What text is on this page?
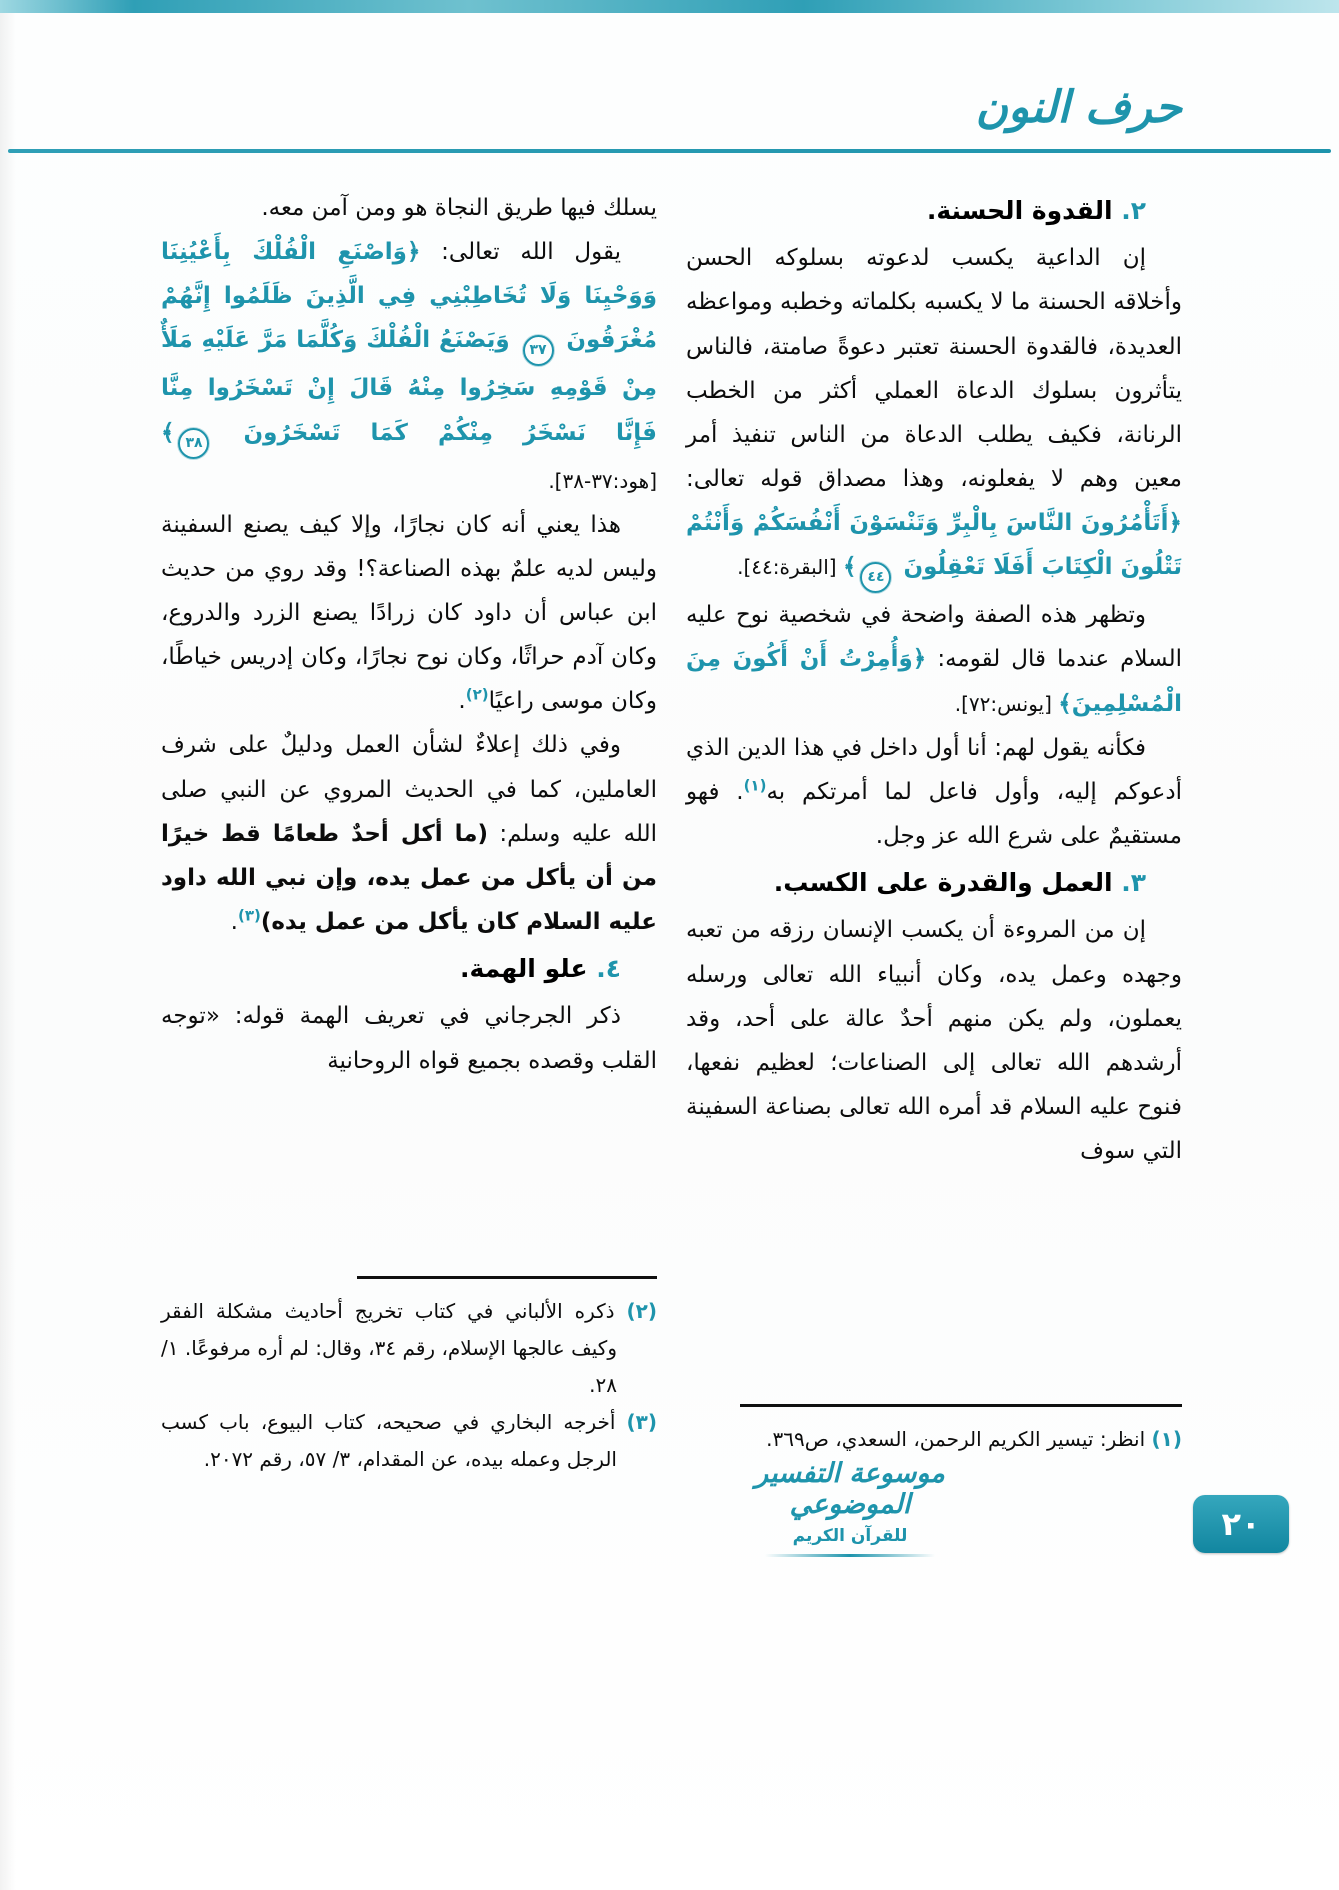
حرف النون

٢. القدوة الحسنة.

إن الداعية يكسب لدعوته بسلوكه الحسن وأخلاقه الحسنة ما لا يكسبه بكلماته وخطبه ومواعظه العديدة، فالقدوة الحسنة تعتبر دعوةً صامتة، فالناس يتأثرون بسلوك الدعاة العملي أكثر من الخطب الرنانة، فكيف يطلب الدعاة من الناس تنفيذ أمر معين وهم لا يفعلونه، وهذا مصداق قوله تعالى: ﴿أَتَأْمُرُونَ النَّاسَ بِالْبِرِّ وَتَنْسَوْنَ أَنْفُسَكُمْ وَأَنْتُمْ تَتْلُونَ الْكِتَابَ أَفَلَا تَعْقِلُونَ ٤٤﴾ [البقرة:٤٤].

وتظهر هذه الصفة واضحة في شخصية نوح عليه السلام عندما قال لقومه: ﴿وَأُمِرْتُ أَنْ أَكُونَ مِنَ الْمُسْلِمِينَ﴾ [يونس:٧٢].

فكأنه يقول لهم: أنا أول داخل في هذا الدين الذي أدعوكم إليه، وأول فاعل لما أمرتكم به$^{(١)}$. فهو مستقيمٌ على شرع الله عز وجل.

٣. العمل والقدرة على الكسب.

إن من المروءة أن يكسب الإنسان رزقه من تعبه وجهده وعمل يده، وكان أنبياء الله تعالى ورسله يعملون، ولم يكن منهم أحدٌ عالة على أحد، وقد أرشدهم الله تعالى إلى الصناعات؛ لعظيم نفعها، فنوح عليه السلام قد أمره الله تعالى بصناعة السفينة التي سوف

(١) انظر: تيسير الكريم الرحمن، السعدي، ص٣٦٩.

يسلك فيها طريق النجاة هو ومن آمن معه.

يقول الله تعالى: ﴿وَاصْنَعِ الْفُلْكَ بِأَعْيُنِنَا وَوَحْيِنَا وَلَا تُخَاطِبْنِي فِي الَّذِينَ ظَلَمُوا إِنَّهُمْ مُغْرَقُونَ ٣٧ وَيَصْنَعُ الْفُلْكَ وَكُلَّمَا مَرَّ عَلَيْهِ مَلَأٌ مِنْ قَوْمِهِ سَخِرُوا مِنْهُ قَالَ إِنْ تَسْخَرُوا مِنَّا فَإِنَّا نَسْخَرُ مِنْكُمْ كَمَا تَسْخَرُونَ ٣٨﴾ [هود:٣٧-٣٨].

هذا يعني أنه كان نجارًا، وإلا كيف يصنع السفينة وليس لديه علمٌ بهذه الصناعة؟! وقد روي من حديث ابن عباس أن داود كان زرادًا يصنع الزرد والدروع، وكان آدم حراثًا، وكان نوح نجارًا، وكان إدريس خياطًا، وكان موسى راعيًا$^{(٢)}$.

وفي ذلك إعلاءٌ لشأن العمل ودليلٌ على شرف العاملين، كما في الحديث المروي عن النبي صلى الله عليه وسلم: (ما أكل أحدٌ طعامًا قط خيرًا من أن يأكل من عمل يده، وإن نبي الله داود عليه السلام كان يأكل من عمل يده)$^{(٣)}$.

٤. علو الهمة.

ذكر الجرجاني في تعريف الهمة قوله: «توجه القلب وقصده بجميع قواه الروحانية

(٢) ذكره الألباني في كتاب تخريج أحاديث مشكلة الفقر وكيف عالجها الإسلام، رقم ٣٤، وقال: لم أره مرفوعًا. ١/ ٢٨.

(٣) أخرجه البخاري في صحيحه، كتاب البيوع، باب كسب الرجل وعمله بيده، عن المقدام، ٣/ ٥٧، رقم ٢٠٧٢.	موسوعة التفسير الموضوعي
للقرآن الكريم	٢٠
